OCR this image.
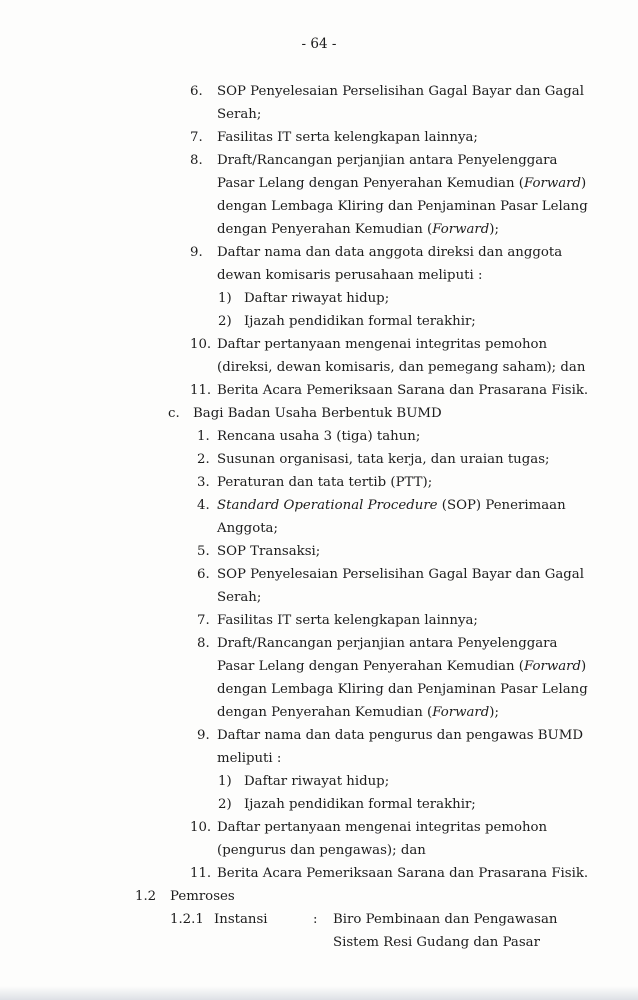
- 64 -
6. SOP Penyelesaian Perselisihan Gagal Bayar dan Gagal
Serah;
7. Fasilitas IT serta kelengkapan lainnya;
8. Draft/Rancangan perjanjian antara Penyelenggara
Pasar Lelang dengan Penyerahan Kemudian (Forward)
dengan Lembaga Kliring dan Penjaminan Pasar Lelang
dengan Penyerahan Kemudian (Forward);
9. Daftar nama dan data anggota direksi dan anggota
dewan komisaris perusahaan meliputi :
1) Daftar riwayat hidup;
2) Ijazah pendidikan formal terakhir;
10. Daftar pertanyaan mengenai integritas pemohon
(direksi, dewan komisaris, dan pemegang saham); dan
11. Berita Acara Pemeriksaan Sarana dan Prasarana Fisik.
c. Bagi Badan Usaha Berbentuk BUMD
1. Rencana usaha 3 (tiga) tahun;
2. Susunan organisasi, tata kerja, dan uraian tugas;
3. Peraturan dan tata tertib (PTT);
4. Standard Operational Procedure (SOP) Penerimaan
Anggota;
5. SOP Transaksi;
6. SOP Penyelesaian Perselisihan Gagal Bayar dan Gagal
Serah;
7. Fasilitas IT serta kelengkapan lainnya;
8. Draft/Rancangan perjanjian antara Penyelenggara
Pasar Lelang dengan Penyerahan Kemudian (Forward)
dengan Lembaga Kliring dan Penjaminan Pasar Lelang
dengan Penyerahan Kemudian (Forward);
9. Daftar nama dan data pengurus dan pengawas BUMD
meliputi :
1) Daftar riwayat hidup;
2) Ijazah pendidikan formal terakhir;
10. Daftar pertanyaan mengenai integritas pemohon
(pengurus dan pengawas); dan
11. Berita Acara Pemeriksaan Sarana dan Prasarana Fisik.
1.2 Pemroses
1.2.1 Instansi	: Biro Pembinaan dan Pengawasan
Sistem Resi Gudang dan Pasar
